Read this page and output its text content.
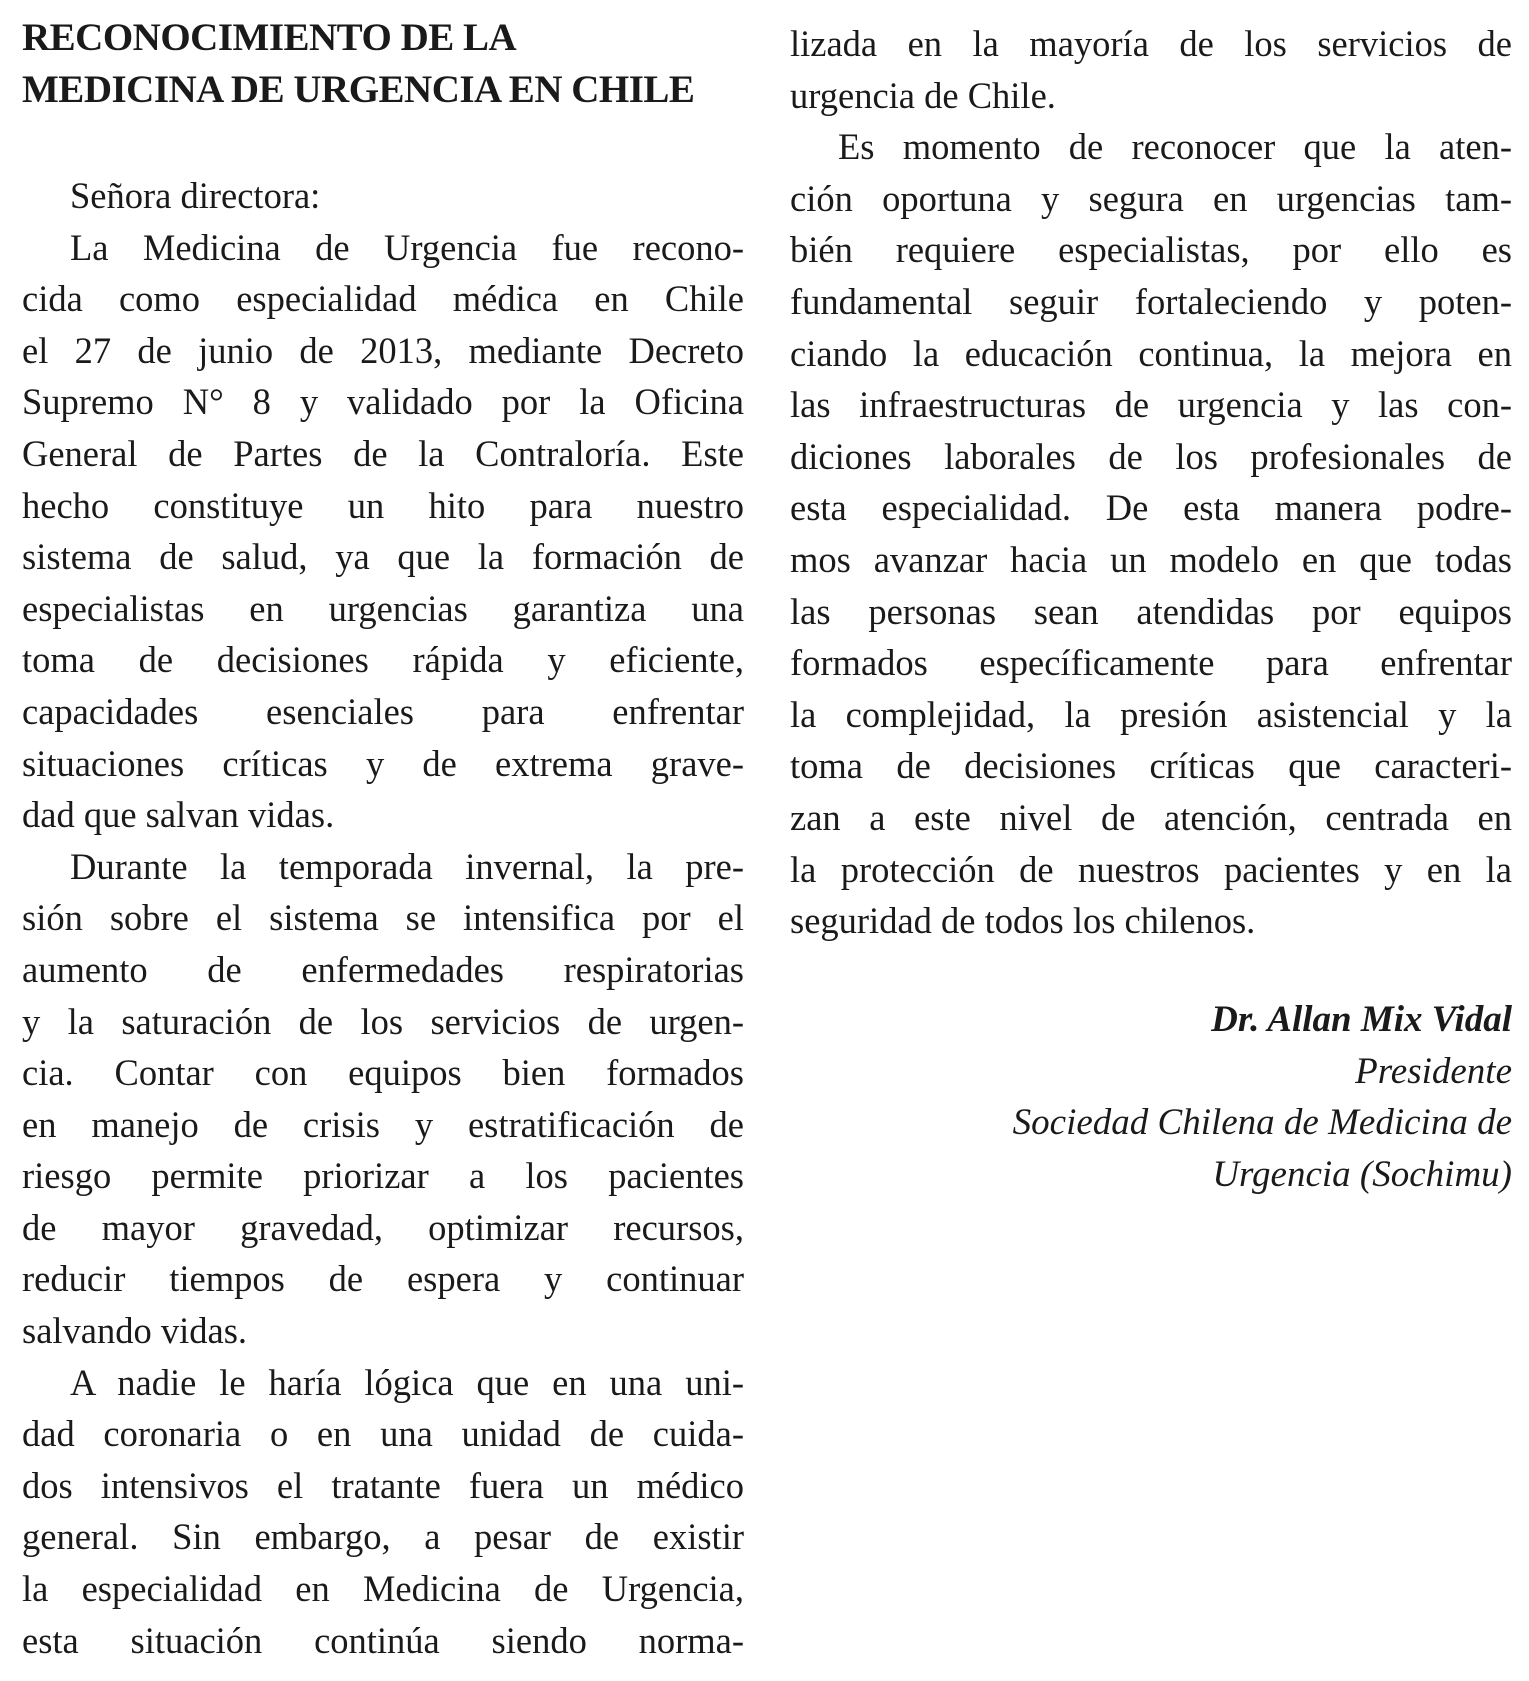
RECONOCIMIENTO DE LA
MEDICINA DE URGENCIA EN CHILE
Señora directora:
La Medicina de Urgencia fue recono-
cida como especialidad médica en Chile
el 27 de junio de 2013, mediante Decreto
Supremo N° 8 y validado por la Oficina
General de Partes de la Contraloría. Este
hecho constituye un hito para nuestro
sistema de salud, ya que la formación de
especialistas en urgencias garantiza una
toma de decisiones rápida y eficiente,
capacidades esenciales para enfrentar
situaciones críticas y de extrema grave-
dad que salvan vidas.
Durante la temporada invernal, la pre-
sión sobre el sistema se intensifica por el
aumento de enfermedades respiratorias
y la saturación de los servicios de urgen-
cia. Contar con equipos bien formados
en manejo de crisis y estratificación de
riesgo permite priorizar a los pacientes
de mayor gravedad, optimizar recursos,
reducir tiempos de espera y continuar
salvando vidas.
A nadie le haría lógica que en una uni-
dad coronaria o en una unidad de cuida-
dos intensivos el tratante fuera un médico
general. Sin embargo, a pesar de existir
la especialidad en Medicina de Urgencia,
esta situación continúa siendo norma-
lizada en la mayoría de los servicios de
urgencia de Chile.
Es momento de reconocer que la aten-
ción oportuna y segura en urgencias tam-
bién requiere especialistas, por ello es
fundamental seguir fortaleciendo y poten-
ciando la educación continua, la mejora en
las infraestructuras de urgencia y las con-
diciones laborales de los profesionales de
esta especialidad. De esta manera podre-
mos avanzar hacia un modelo en que todas
las personas sean atendidas por equipos
formados específicamente para enfrentar
la complejidad, la presión asistencial y la
toma de decisiones críticas que caracteri-
zan a este nivel de atención, centrada en
la protección de nuestros pacientes y en la
seguridad de todos los chilenos.
Dr. Allan Mix Vidal
Presidente
Sociedad Chilena de Medicina de
Urgencia (Sochimu)
